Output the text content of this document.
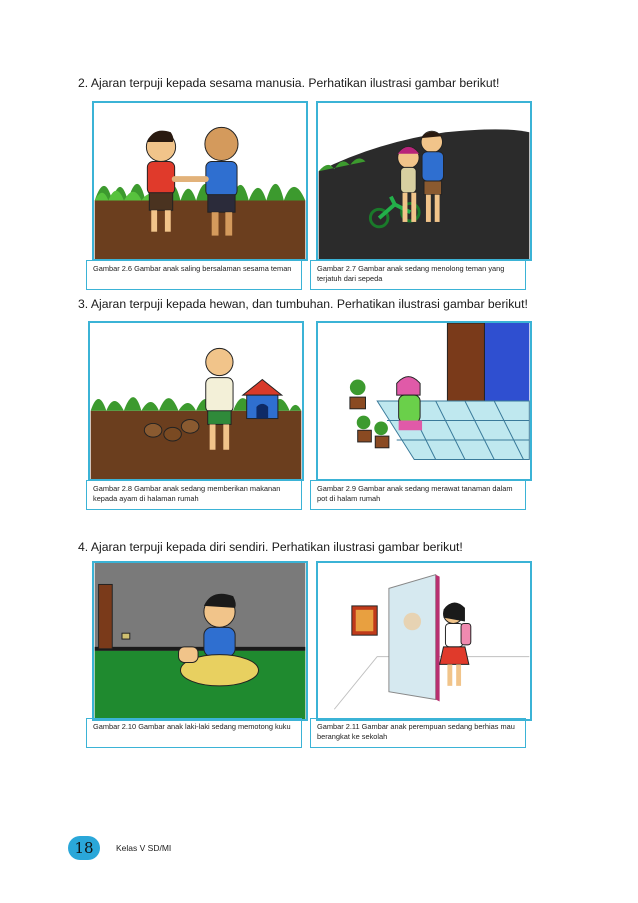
2. Ajaran terpuji kepada sesama manusia. Perhatikan ilustrasi gambar berikut!
Gambar 2.6 Gambar anak saling bersalaman sesama teman	Gambar 2.7 Gambar anak sedang menolong teman yang terjatuh dari sepeda
3. Ajaran terpuji kepada hewan, dan tumbuhan. Perhatikan ilustrasi gambar berikut!
Gambar 2.8 Gambar anak sedang memberikan makanan kepada ayam di halaman rumah
Gambar 2.9 Gambar anak sedang merawat tanaman dalam pot di halam rumah
4. Ajaran terpuji kepada diri sendiri. Perhatikan ilustrasi gambar berikut!
Gambar 2.10 Gambar anak laki-laki sedang memotong kuku	Gambar 2.11 Gambar anak perempuan sedang berhias mau berangkat ke sekolah
18	Kelas V SD/MI
